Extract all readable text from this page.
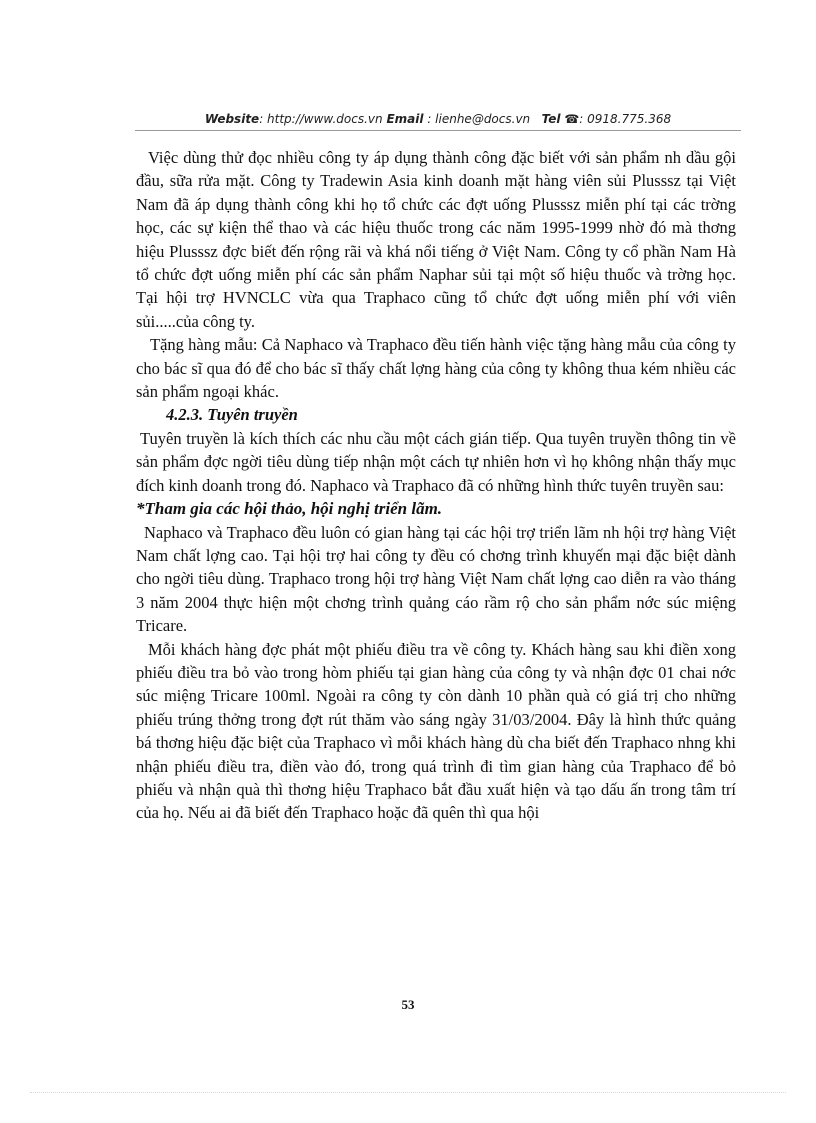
Website: http://www.docs.vn Email : lienhe@docs.vn Tel ☎: 0918.775.368

Việc dùng thử đọc nhiều công ty áp dụng thành công đặc biết với sản phẩm nh dầu gội đầu, sữa rửa mặt. Công ty Tradewin Asia kinh doanh mặt hàng viên sủi Plusssz tại Việt Nam đã áp dụng thành công khi họ tổ chức các đợt uống Plusssz miễn phí tại các trờng học, các sự kiện thể thao và các hiệu thuốc trong các năm 1995-1999 nhờ đó mà thơng hiệu Plusssz đợc biết đến rộng rãi và khá nổi tiếng ở Việt Nam. Công ty cổ phần Nam Hà tổ chức đợt uống miễn phí các sản phẩm Naphar sủi tại một số hiệu thuốc và trờng học. Tại hội trợ HVNCLC vừa qua Traphaco cũng tổ chức đợt uống miễn phí với viên sủi.....của công ty.

Tặng hàng mẫu: Cả Naphaco và Traphaco đều tiến hành việc tặng hàng mẫu của công ty cho bác sĩ qua đó để cho bác sĩ thấy chất lợng hàng của công ty không thua kém nhiều các sản phẩm ngoại khác.

4.2.3. Tuyên truyền

Tuyên truyền là kích thích các nhu cầu một cách gián tiếp. Qua tuyên truyền thông tin về sản phẩm đợc ngời tiêu dùng tiếp nhận một cách tự nhiên hơn vì họ không nhận thấy mục đích kinh doanh trong đó. Naphaco và Traphaco đã có những hình thức tuyên truyền sau:

*Tham gia các hội thảo, hội nghị triển lãm.

Naphaco và Traphaco đều luôn có gian hàng tại các hội trợ triển lãm nh hội trợ hàng Việt Nam chất lợng cao. Tại hội trợ hai công ty đều có chơng trình khuyến mại đặc biệt dành cho ngời tiêu dùng. Traphaco trong hội trợ hàng Việt Nam chất lợng cao diễn ra vào tháng 3 năm 2004 thực hiện một chơng trình quảng cáo rầm rộ cho sản phẩm nớc súc miệng Tricare.

Mỗi khách hàng đợc phát một phiếu điều tra về công ty. Khách hàng sau khi điền xong phiếu điều tra bỏ vào trong hòm phiếu tại gian hàng của công ty và nhận đợc 01 chai nớc súc miệng Tricare 100ml. Ngoài ra công ty còn dành 10 phần quà có giá trị cho những phiếu trúng thởng trong đợt rút thăm vào sáng ngày 31/03/2004. Đây là hình thức quảng bá thơng hiệu đặc biệt của Traphaco vì mỗi khách hàng dù cha biết đến Traphaco nhng khi nhận phiếu điều tra, điền vào đó, trong quá trình đi tìm gian hàng của Traphaco để bỏ phiếu và nhận quà thì thơng hiệu Traphaco bắt đầu xuất hiện và tạo dấu ấn trong tâm trí của họ. Nếu ai đã biết đến Traphaco hoặc đã quên thì qua hội

53
